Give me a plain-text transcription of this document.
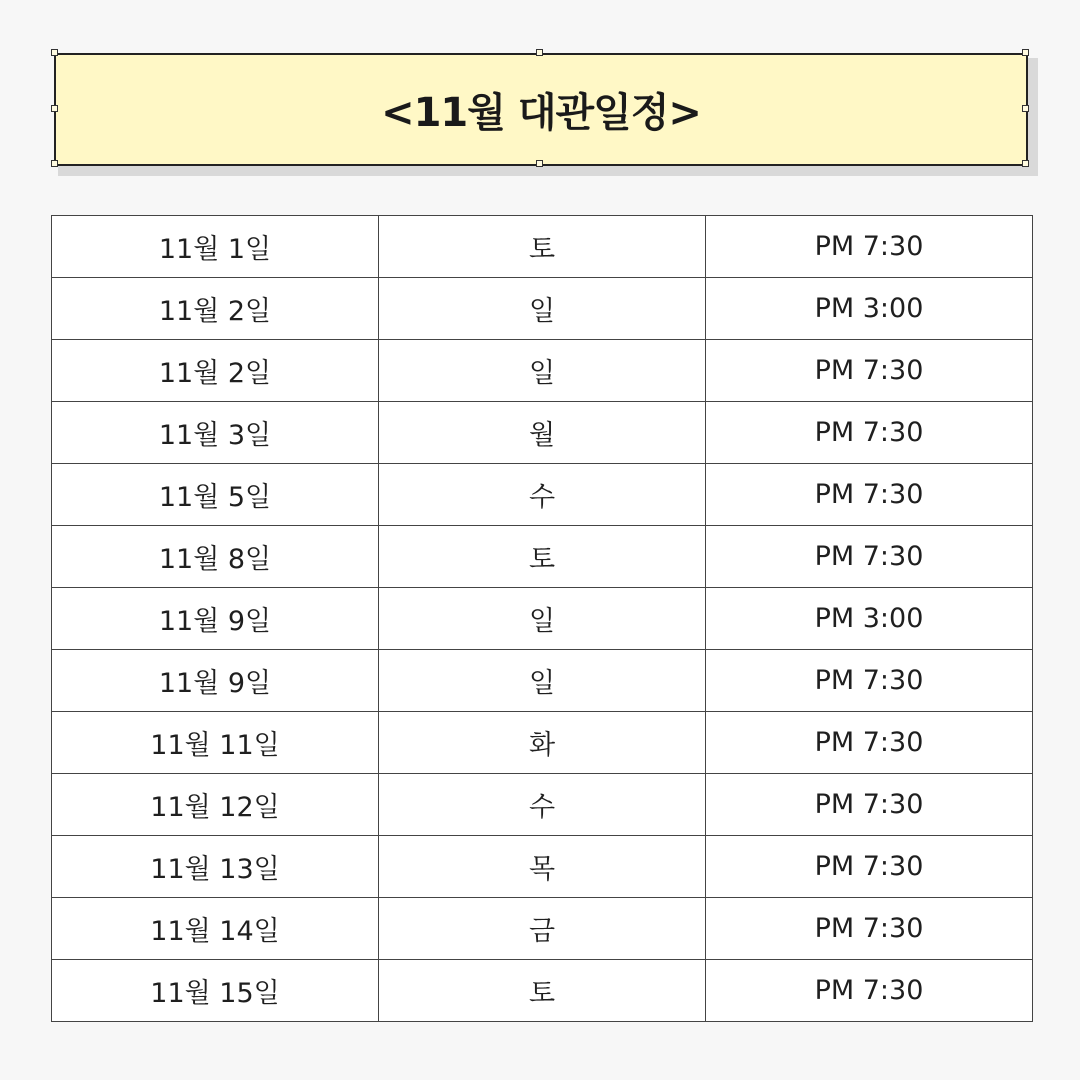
<11월 대관일정>
11월 1일	토	PM 7:30
11월 2일	일	PM 3:00
11월 2일	일	PM 7:30
11월 3일	월	PM 7:30
11월 5일	수	PM 7:30
11월 8일	토	PM 7:30
11월 9일	일	PM 3:00
11월 9일	일	PM 7:30
11월 11일	화	PM 7:30
11월 12일	수	PM 7:30
11월 13일	목	PM 7:30
11월 14일	금	PM 7:30
11월 15일	토	PM 7:30
